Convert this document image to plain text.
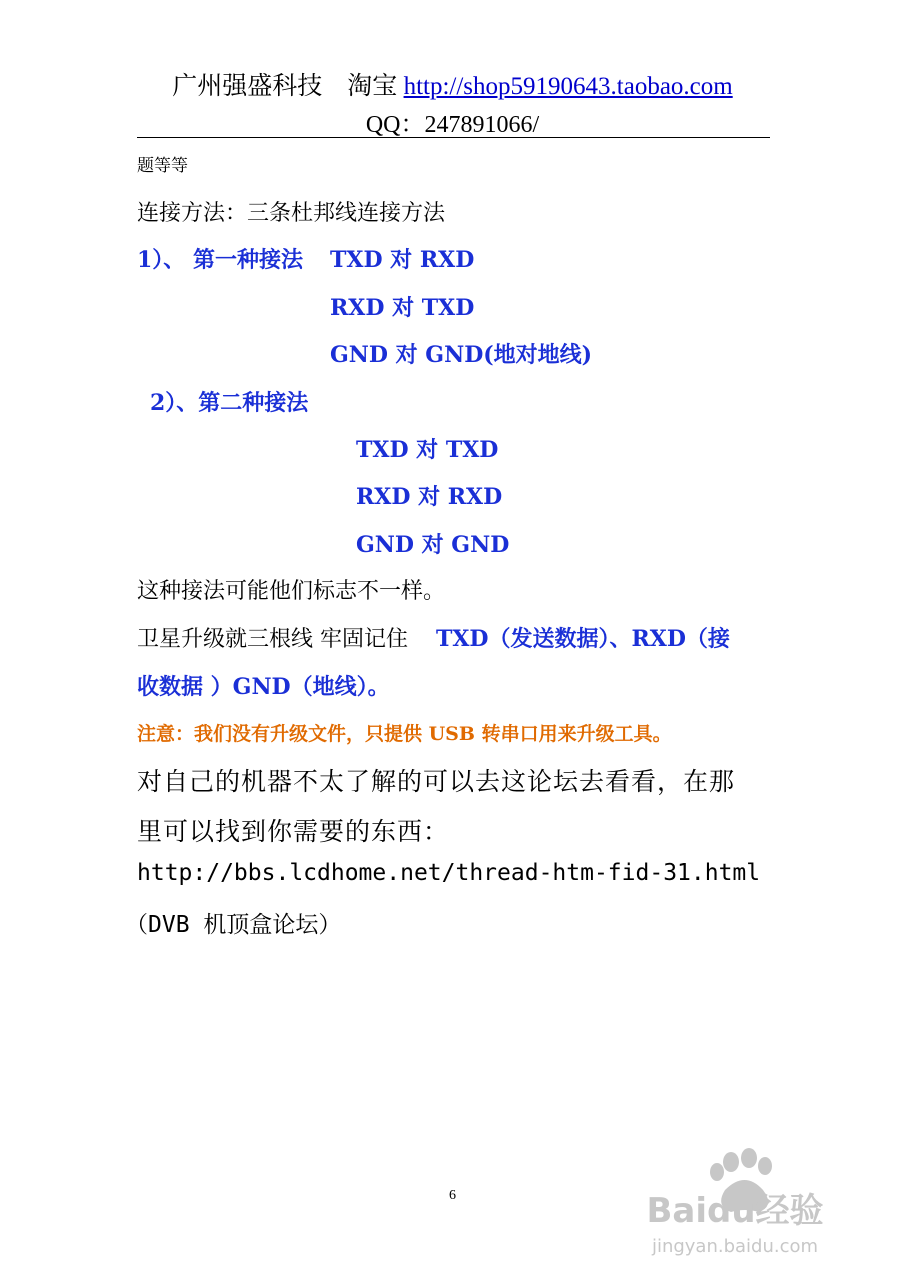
广州强盛科技 淘宝 http://shop59190643.taobao.com
QQ：247891066/
题等等
连接方法：三条杜邦线连接方法
1）、 第一种接法 TXD 对 RXD
RXD 对 TXD
GND 对 GND(地对地线)
2）、第二种接法
TXD 对 TXD
RXD 对 RXD
GND 对 GND
这种接法可能他们标志不一样。
卫星升级就三根线 牢固记住 TXD（发送数据）、RXD（接
收数据 ）GND（地线）。
注意：我们没有升级文件，只提供 USB 转串口用来升级工具。
对自己的机器不太了解的可以去这论坛去看看，在那
里可以找到你需要的东西：
http://bbs.lcdhome.net/thread-htm-fid-31.html
（DVB 机顶盒论坛）
6	Baidu经验
jingyan.baidu.com
